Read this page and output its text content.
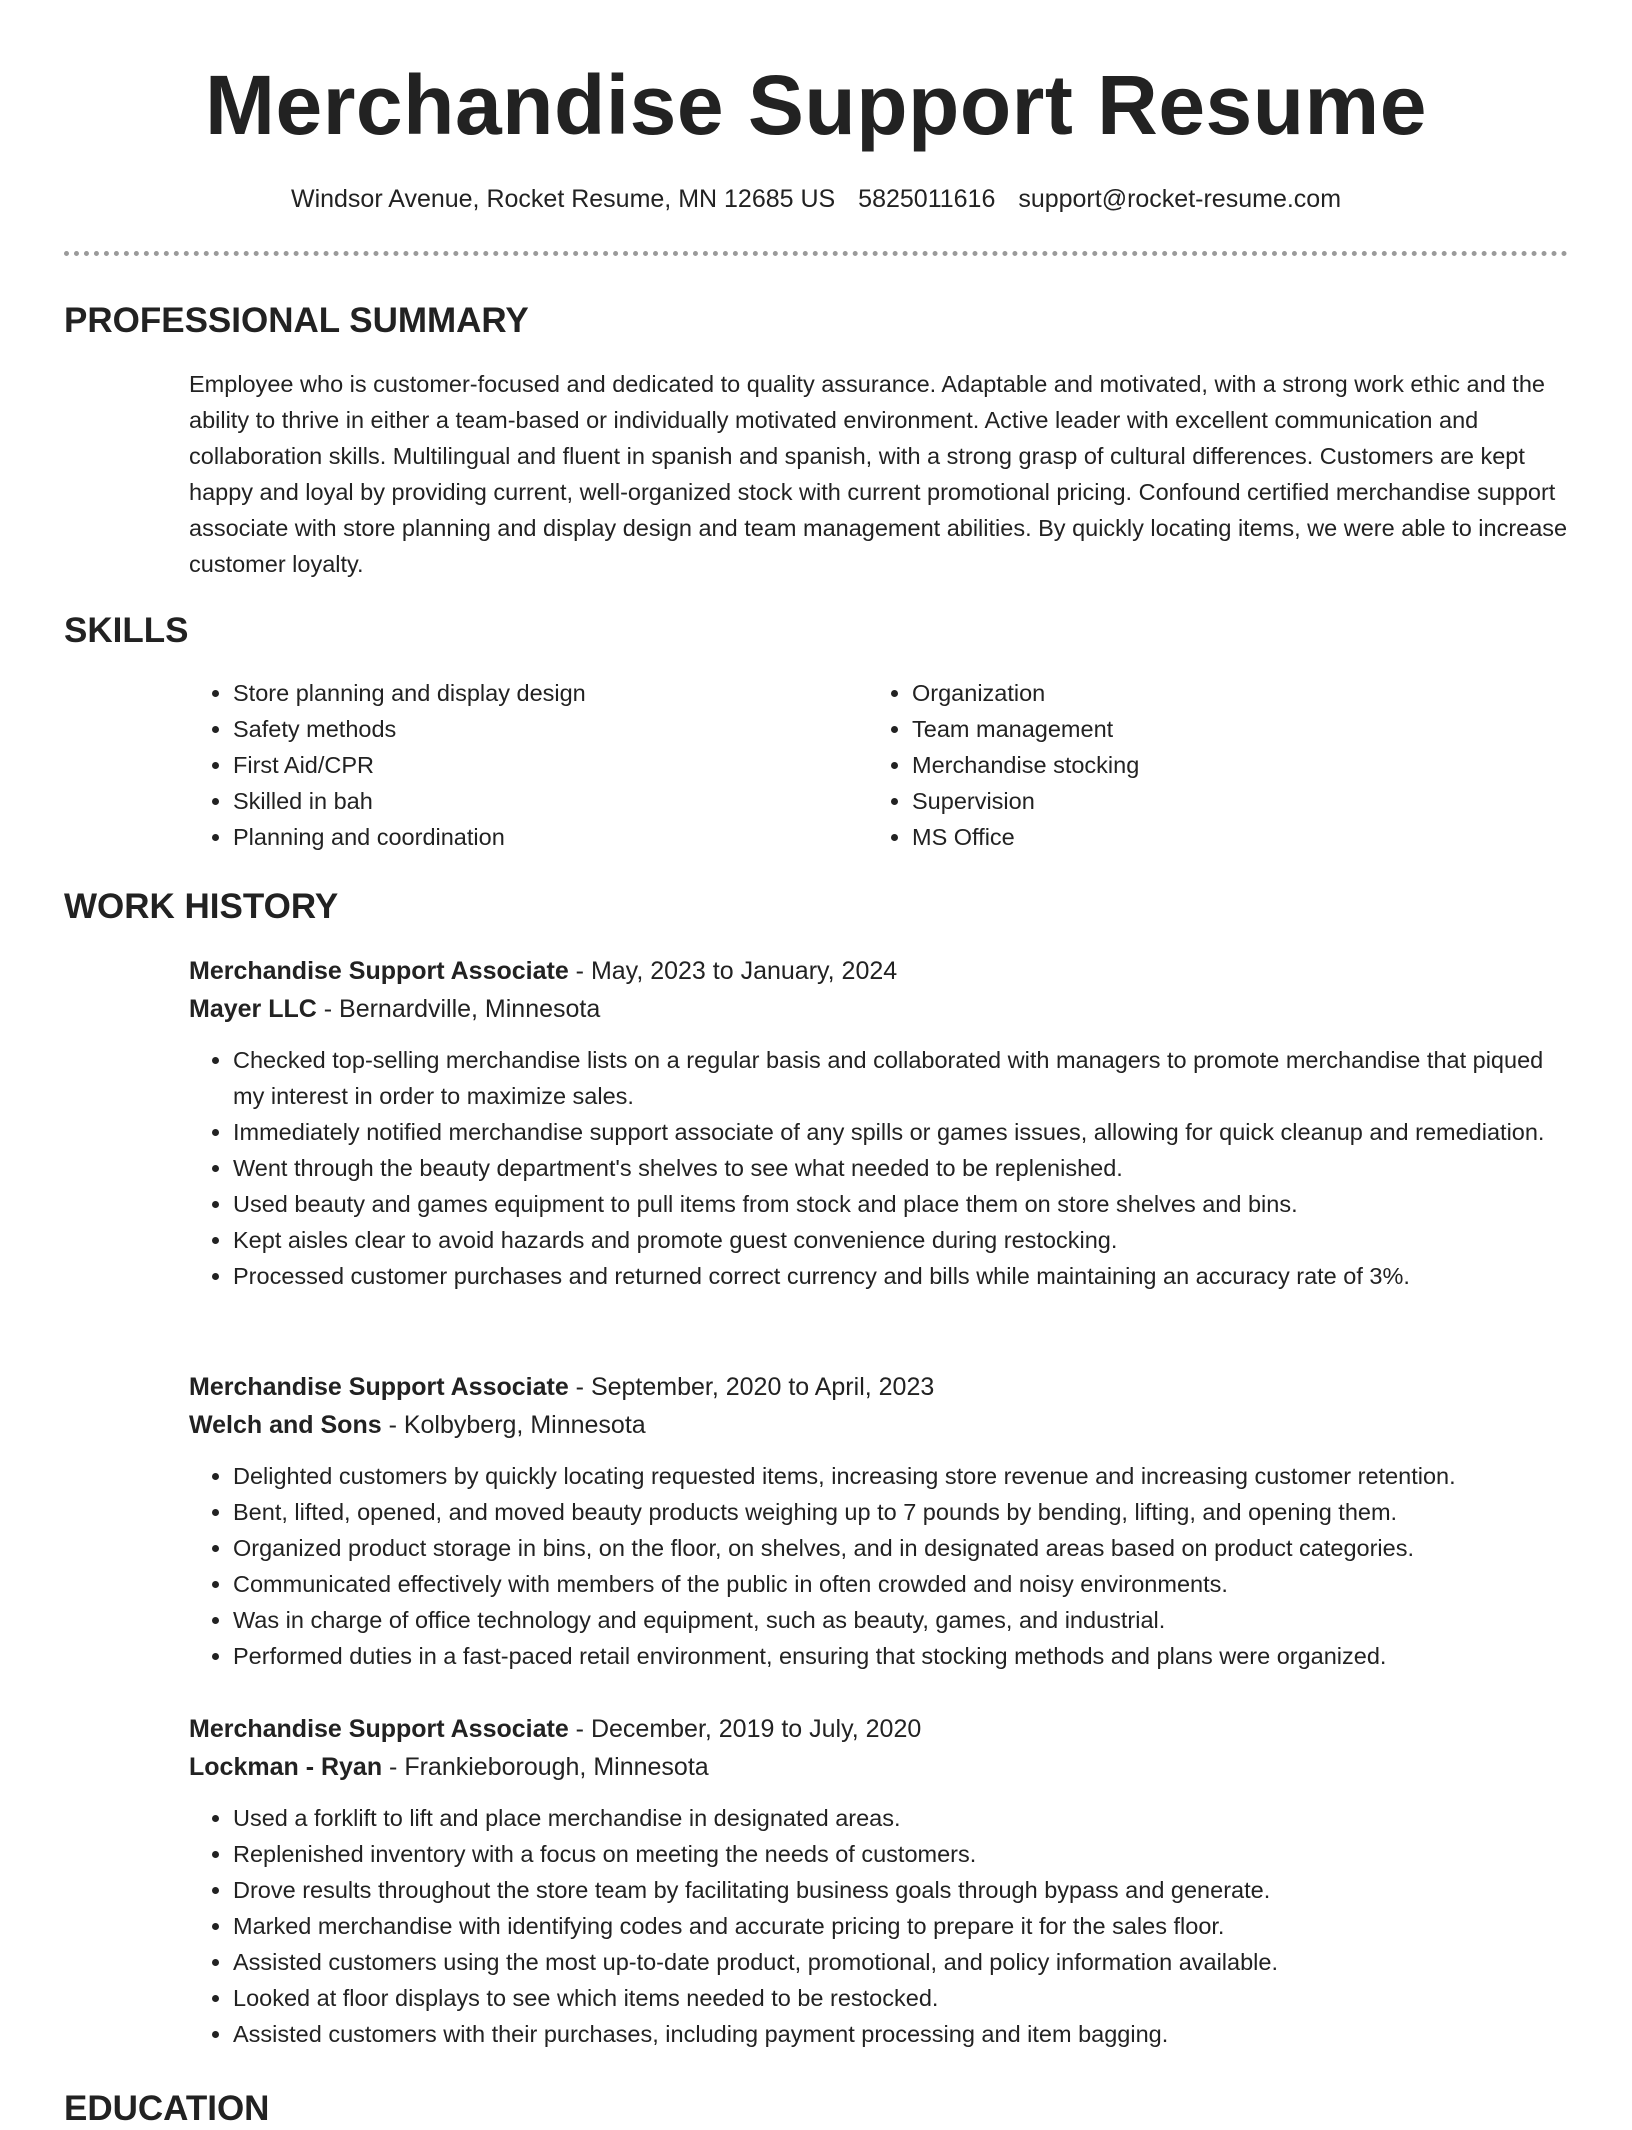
Merchandise Support Resume
Windsor Avenue, Rocket Resume, MN 12685 US 5825011616 support@rocket-resume.com
PROFESSIONAL SUMMARY

Employee who is customer-focused and dedicated to quality assurance. Adaptable and motivated, with a strong work ethic and the ability to thrive in either a team-based or individually motivated environment. Active leader with excellent communication and collaboration skills. Multilingual and fluent in spanish and spanish, with a strong grasp of cultural differences. Customers are kept happy and loyal by providing current, well-organized stock with current promotional pricing. Confound certified merchandise support associate with store planning and display design and team management abilities. By quickly locating items, we were able to increase customer loyalty.

SKILLS
• Store planning and display design
• Safety methods
• First Aid/CPR
• Skilled in bah
• Planning and coordination
• Organization
• Team management
• Merchandise stocking
• Supervision
• MS Office
WORK HISTORY

Merchandise Support Associate - May, 2023 to January, 2024

Mayer LLC - Bernardville, Minnesota

• Checked top-selling merchandise lists on a regular basis and collaborated with managers to promote merchandise that piqued my interest in order to maximize sales.
• Immediately notified merchandise support associate of any spills or games issues, allowing for quick cleanup and remediation.
• Went through the beauty department's shelves to see what needed to be replenished.
• Used beauty and games equipment to pull items from stock and place them on store shelves and bins.
• Kept aisles clear to avoid hazards and promote guest convenience during restocking.
• Processed customer purchases and returned correct currency and bills while maintaining an accuracy rate of 3%.

Merchandise Support Associate - September, 2020 to April, 2023

Welch and Sons - Kolbyberg, Minnesota

• Delighted customers by quickly locating requested items, increasing store revenue and increasing customer retention.
• Bent, lifted, opened, and moved beauty products weighing up to 7 pounds by bending, lifting, and opening them.
• Organized product storage in bins, on the floor, on shelves, and in designated areas based on product categories.
• Communicated effectively with members of the public in often crowded and noisy environments.
• Was in charge of office technology and equipment, such as beauty, games, and industrial.
• Performed duties in a fast-paced retail environment, ensuring that stocking methods and plans were organized.

Merchandise Support Associate - December, 2019 to July, 2020

Lockman - Ryan - Frankieborough, Minnesota

• Used a forklift to lift and place merchandise in designated areas.
• Replenished inventory with a focus on meeting the needs of customers.
• Drove results throughout the store team by facilitating business goals through bypass and generate.
• Marked merchandise with identifying codes and accurate pricing to prepare it for the sales floor.
• Assisted customers using the most up-to-date product, promotional, and policy information available.
• Looked at floor displays to see which items needed to be restocked.
• Assisted customers with their purchases, including payment processing and item bagging.
EDUCATION
